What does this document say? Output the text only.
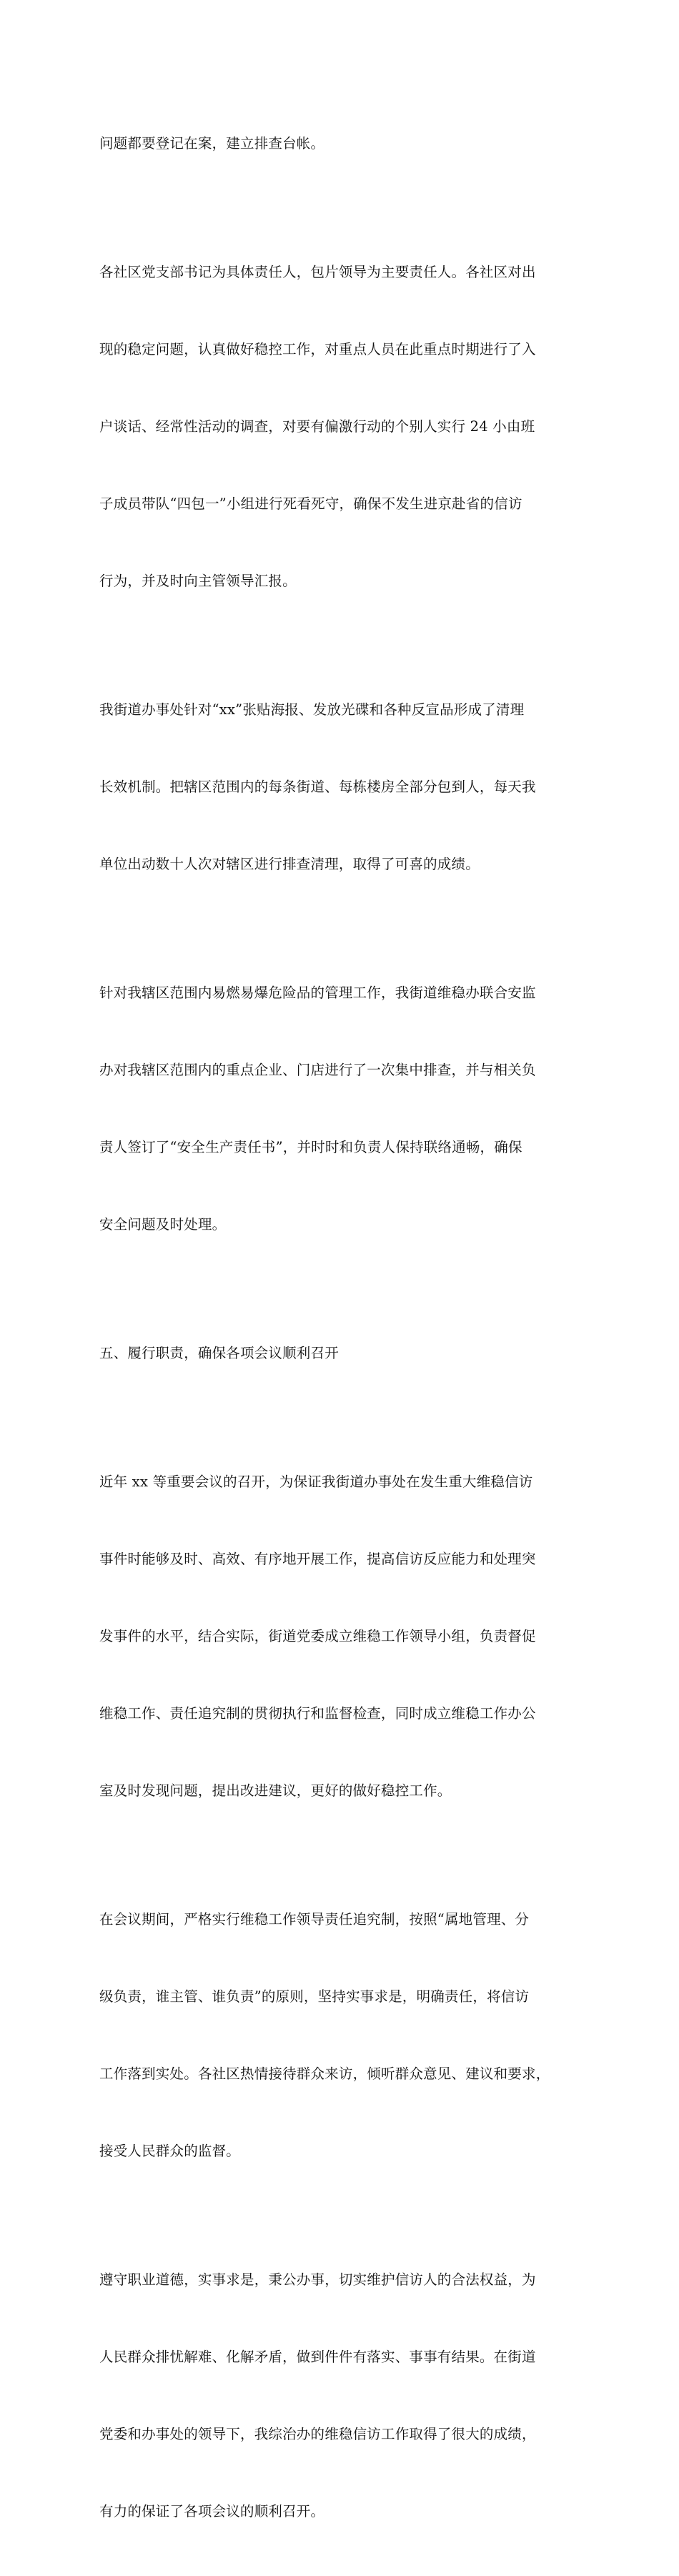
问题都要登记在案，建立排查台帐。

各社区党支部书记为具体责任人，包片领导为主要责任人。各社区对出

现的稳定问题，认真做好稳控工作，对重点人员在此重点时期进行了入

户谈话、经常性活动的调查，对要有偏激行动的个别人实行 24 小由班

子成员带队“四包一”小组进行死看死守，确保不发生进京赴省的信访

行为，并及时向主管领导汇报。

我街道办事处针对“xx”张贴海报、发放光碟和各种反宣品形成了清理

长效机制。把辖区范围内的每条街道、每栋楼房全部分包到人，每天我

单位出动数十人次对辖区进行排查清理，取得了可喜的成绩。

针对我辖区范围内易燃易爆危险品的管理工作，我街道维稳办联合安监

办对我辖区范围内的重点企业、门店进行了一次集中排查，并与相关负

责人签订了“安全生产责任书”，并时时和负责人保持联络通畅，确保

安全问题及时处理。

五、履行职责，确保各项会议顺利召开

近年 xx 等重要会议的召开，为保证我街道办事处在发生重大维稳信访

事件时能够及时、高效、有序地开展工作，提高信访反应能力和处理突

发事件的水平，结合实际，街道党委成立维稳工作领导小组，负责督促

维稳工作、责任追究制的贯彻执行和监督检查，同时成立维稳工作办公

室及时发现问题，提出改进建议，更好的做好稳控工作。

在会议期间，严格实行维稳工作领导责任追究制，按照“属地管理、分

级负责，谁主管、谁负责”的原则，坚持实事求是，明确责任，将信访

工作落到实处。各社区热情接待群众来访，倾听群众意见、建议和要求，

接受人民群众的监督。

遵守职业道德，实事求是，秉公办事，切实维护信访人的合法权益，为

人民群众排忧解难、化解矛盾，做到件件有落实、事事有结果。在街道

党委和办事处的领导下，我综治办的维稳信访工作取得了很大的成绩，

有力的保证了各项会议的顺利召开。
